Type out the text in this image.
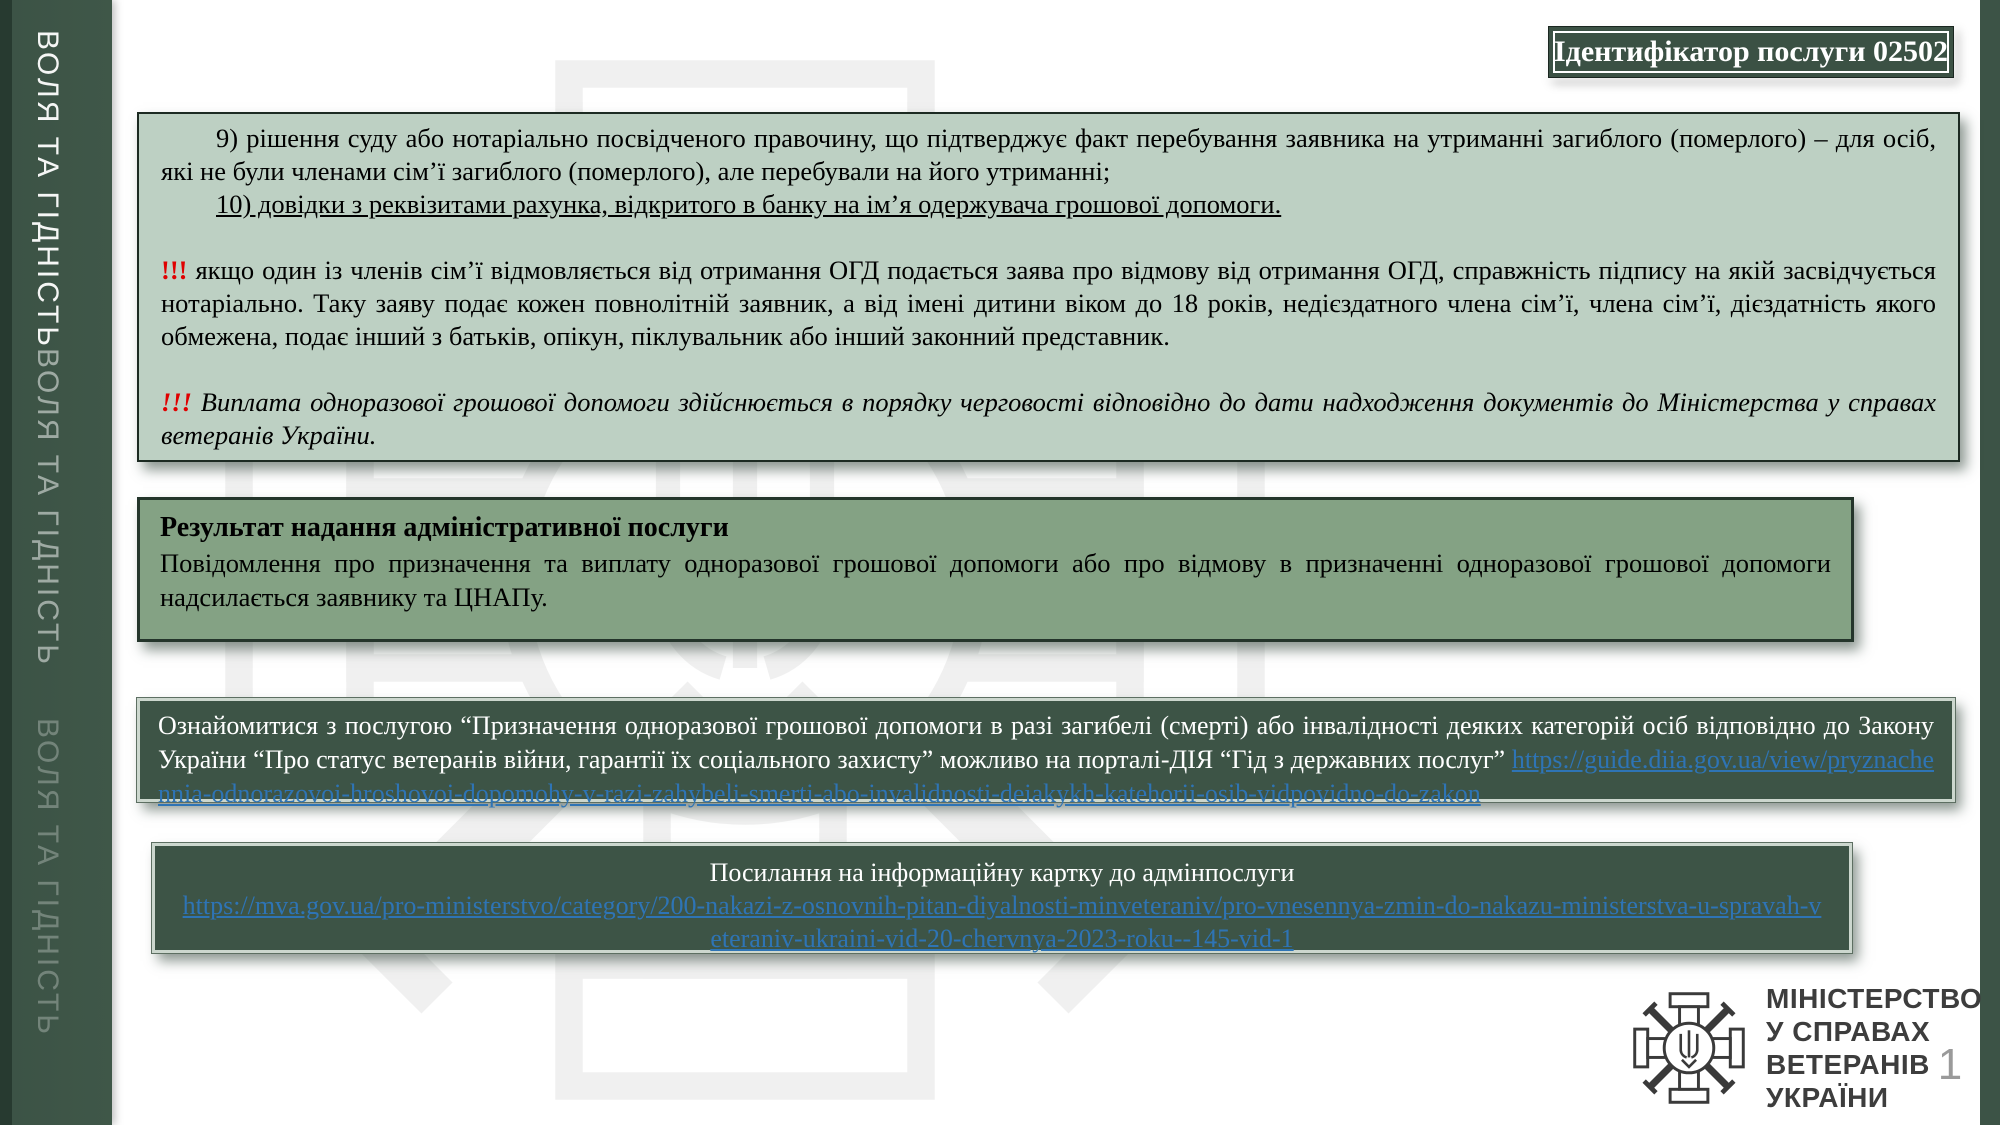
ВОЛЯ ТА ГІДНІСТЬ
ВОЛЯ ТА ГІДНІСТЬ
ВОЛЯ ТА ГІДНІСТЬ
Ідентифікатор послуги 02502

9) рішення суду або нотаріально посвідченого правочину, що підтверджує факт перебування заявника на утриманні загиблого (померлого) – для осіб, які не були членами сім’ї загиблого (померлого), але перебували на його утриманні;

10) довідки з реквізитами рахунка, відкритого в банку на ім’я одержувача грошової допомоги.

!!! якщо один із членів сім’ї відмовляється від отримання ОГД подається заява про відмову від отримання ОГД, справжність підпису на якій засвідчується нотаріально. Таку заяву подає кожен повнолітній заявник, а від імені дитини віком до 18 років, недієздатного члена сім’ї, члена сім’ї, дієздатність якого обмежена, подає інший з батьків, опікун, піклувальник або інший законний представник.

!!! Виплата одноразової грошової допомоги здійснюється в порядку черговості відповідно до дати надходження документів до Міністерства у справах ветеранів України.

Результат надання адміністративної послуги

Повідомлення про призначення та виплату одноразової грошової допомоги або про відмову в призначенні одноразової грошової допомоги надсилається заявнику та ЦНАПу.

Ознайомитися з послугою “Призначення одноразової грошової допомоги в разі загибелі (смерті) або інвалідності деяких категорій осіб відповідно до Закону України “Про статус ветеранів війни, гарантії їх соціального захисту” можливо на порталі-ДІЯ “Гід з державних послуг” https://guide.diia.gov.ua/view/pryznachennia-odnorazovoi-hroshovoi-dopomohy-v-razi-zahybeli-smerti-abo-invalidnosti-deiakykh-katehorii-osib-vidpovidno-do-zakon

Посилання на інформаційну картку до адмінпослуги

https://mva.gov.ua/pro-ministerstvo/category/200-nakazi-z-osnovnih-pitan-diyalnosti-minveteraniv/pro-vnesennya-zmin-do-nakazu-ministerstva-u-spravah-veteraniv-ukraini-vid-20-chervnya-2023-roku--145-vid-1
МІНІСТЕРСТВО
У СПРАВАХ
ВЕТЕРАНІВ
УКРАЇНИ
1
